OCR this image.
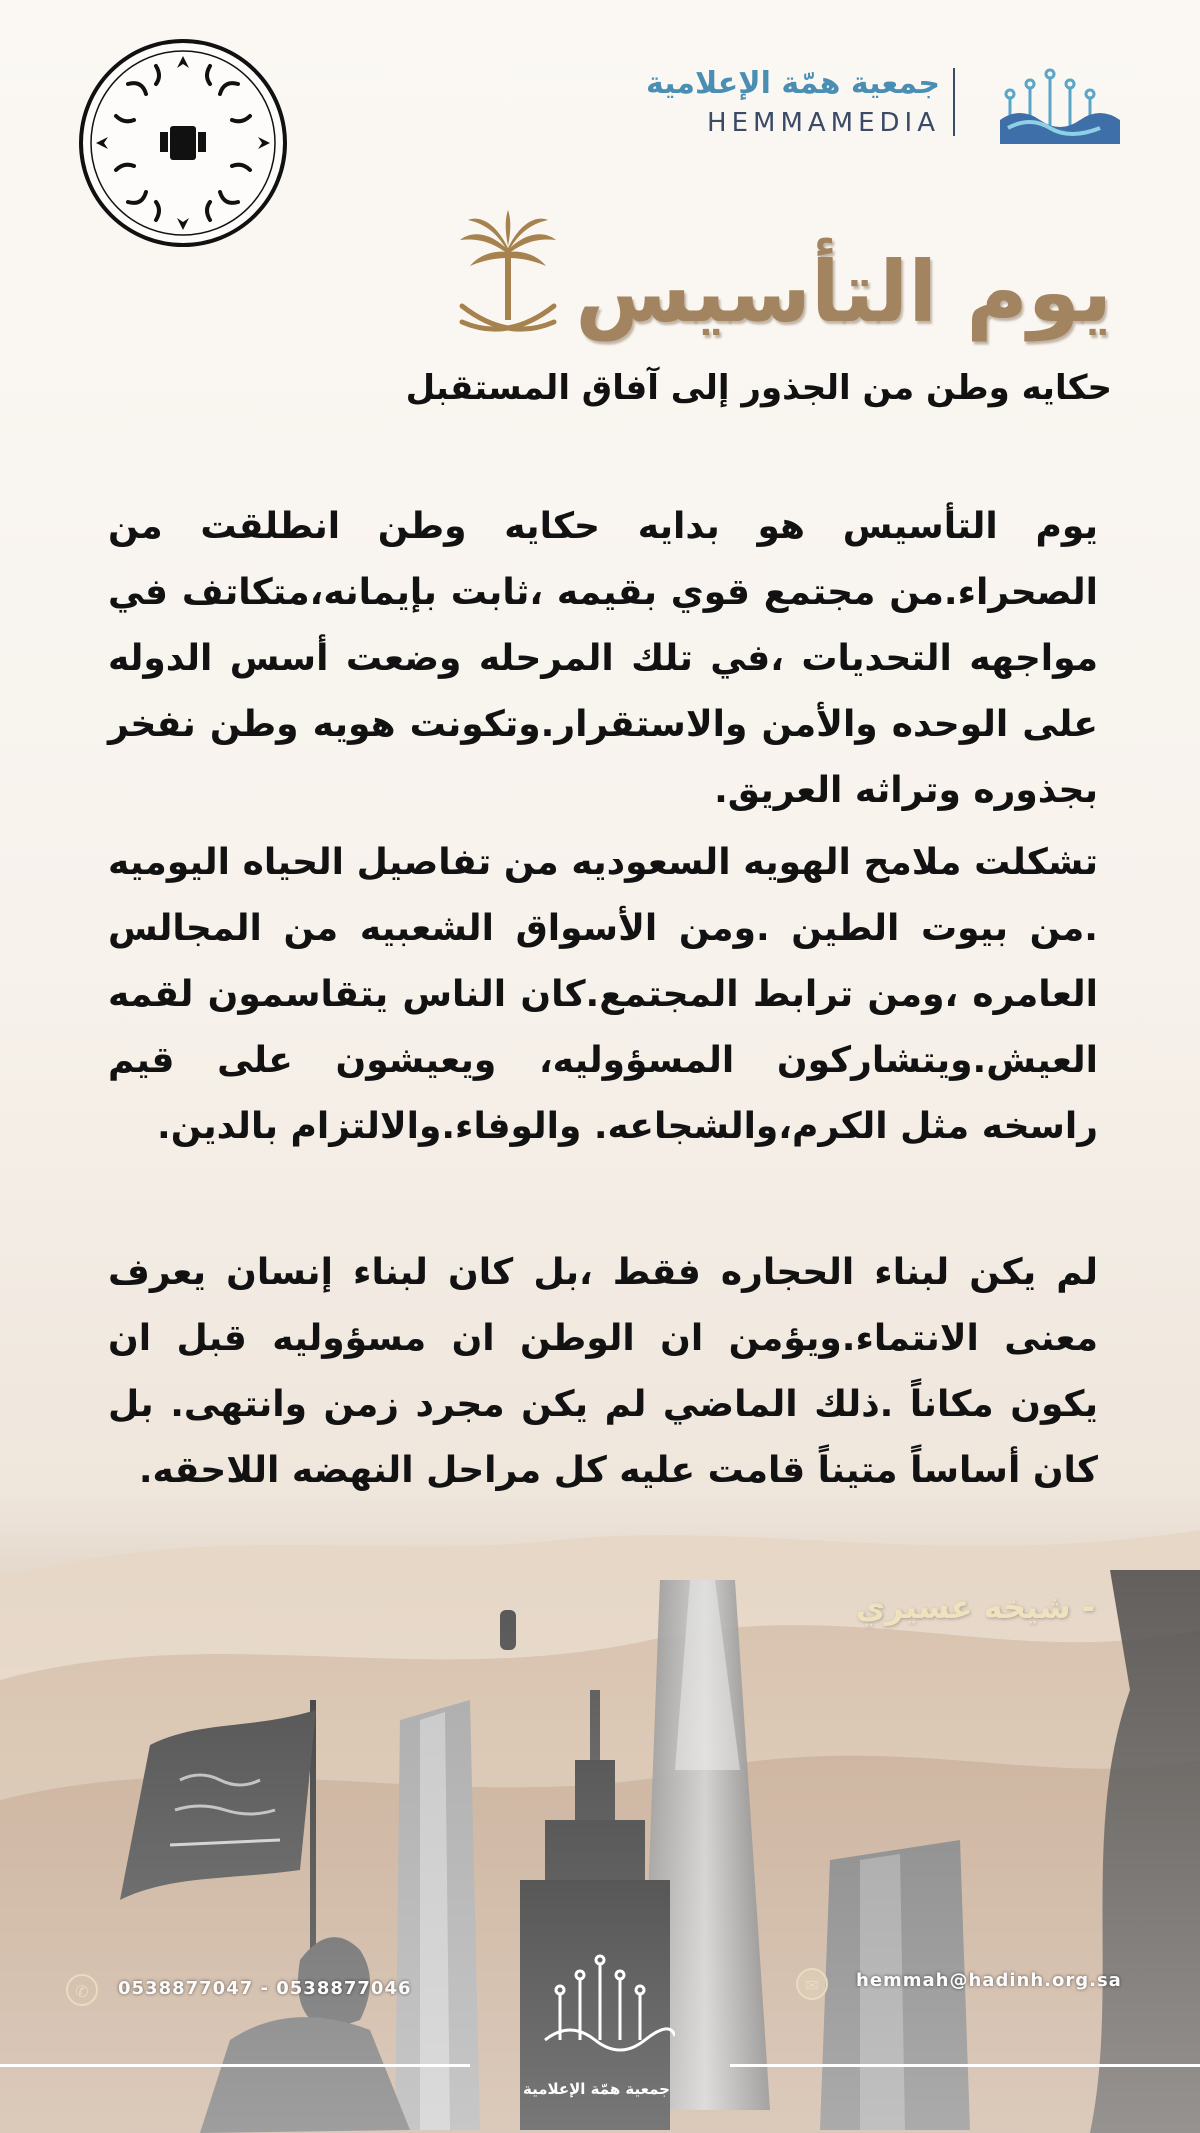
جمعية همّة الإعلامية
HEMMAMEDIA
يوم التأسيس
حكايه وطن من الجذور إلى آفاق المستقبل

يوم التأسيس هو بدايه حكايه وطن انطلقت من الصحراء.من مجتمع قوي بقيمه ،ثابت بإيمانه،متكاتف في مواجهه التحديات ،في تلك المرحله وضعت أسس الدوله على الوحده والأمن والاستقرار.وتكونت هويه وطن نفخر بجذوره وتراثه العريق.

تشكلت ملامح الهويه السعوديه من تفاصيل الحياه اليوميه .من بيوت الطين .ومن الأسواق الشعبيه من المجالس العامره ،ومن ترابط المجتمع.كان الناس يتقاسمون لقمه العيش.ويتشاركون المسؤوليه، ويعيشون على قيم راسخه مثل الكرم،والشجاعه. والوفاء.والالتزام بالدين.

لم يكن لبناء الحجاره فقط ،بل كان لبناء إنسان يعرف معنى الانتماء.ويؤمن ان الوطن ان مسؤوليه قبل ان يكون مكاناً .ذلك الماضي لم يكن مجرد زمن وانتهى. بل كان أساساً متيناً قامت عليه كل مراحل النهضه اللاحقه.

- شيخه عسيري
✆	0538877047 - 0538877046	✉	hemmah@hadinh.org.sa
جمعية همّة الإعلامية
